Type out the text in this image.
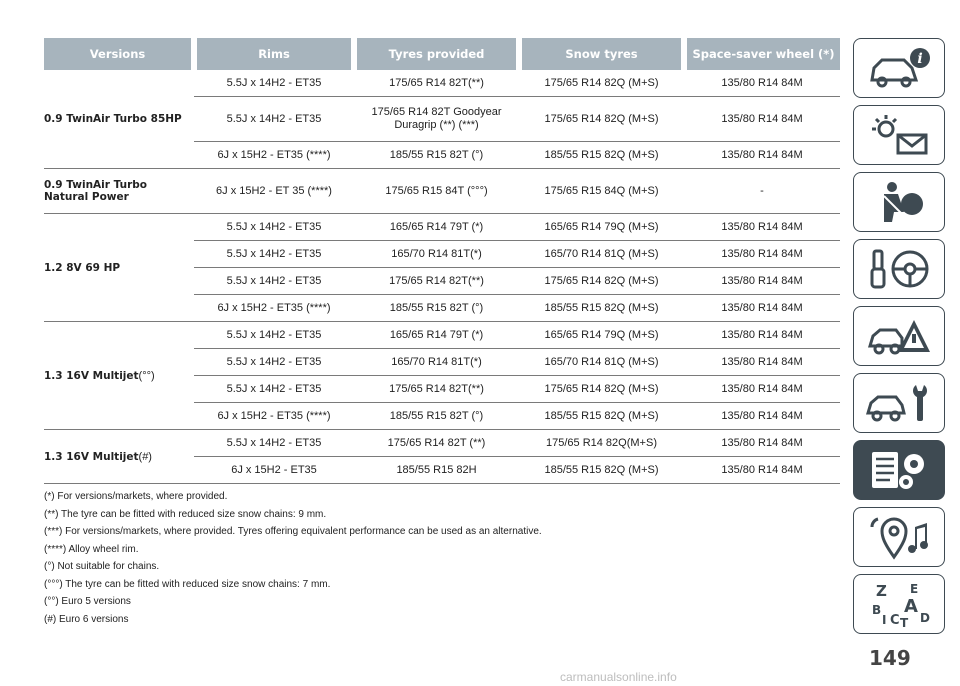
Versions	Rims	Tyres provided	Snow tyres	Space-saver wheel (*)
0.9 TwinAir Turbo 85HP	5.5J x 14H2 - ET35	175/65 R14 82T(**)	175/65 R14 82Q (M+S)	135/80 R14 84M
	5.5J x 14H2 - ET35	175/65 R14 82T Goodyear Duragrip (**) (***)	175/65 R14 82Q (M+S)	135/80 R14 84M
	6J x 15H2 - ET35 (****)	185/55 R15 82T (°)	185/55 R15 82Q (M+S)	135/80 R14 84M
0.9 TwinAir Turbo Natural Power	6J x 15H2 - ET 35 (****)	175/65 R15 84T (°°°)	175/65 R15 84Q (M+S)	-
1.2 8V 69 HP	5.5J x 14H2 - ET35	165/65 R14 79T (*)	165/65 R14 79Q (M+S)	135/80 R14 84M
	5.5J x 14H2 - ET35	165/70 R14 81T(*)	165/70 R14 81Q (M+S)	135/80 R14 84M
	5.5J x 14H2 - ET35	175/65 R14 82T(**)	175/65 R14 82Q (M+S)	135/80 R14 84M
	6J x 15H2 - ET35 (****)	185/55 R15 82T (°)	185/55 R15 82Q (M+S)	135/80 R14 84M
1.3 16V Multijet(°°)	5.5J x 14H2 - ET35	165/65 R14 79T (*)	165/65 R14 79Q (M+S)	135/80 R14 84M
	5.5J x 14H2 - ET35	165/70 R14 81T(*)	165/70 R14 81Q (M+S)	135/80 R14 84M
	5.5J x 14H2 - ET35	175/65 R14 82T(**)	175/65 R14 82Q (M+S)	135/80 R14 84M
	6J x 15H2 - ET35 (****)	185/55 R15 82T (°)	185/55 R15 82Q (M+S)	135/80 R14 84M
1.3 16V Multijet(#)	5.5J x 14H2 - ET35	175/65 R14 82T (**)	175/65 R14 82Q(M+S)	135/80 R14 84M
	6J x 15H2 - ET35	185/55 R15 82H	185/55 R15 82Q (M+S)	135/80 R14 84M
(*) For versions/markets, where provided.
(**) The tyre can be fitted with reduced size snow chains: 9 mm.
(***) For versions/markets, where provided. Tyres offering equivalent performance can be used as an alternative.
(****) Alloy wheel rim.
(°) Not suitable for chains.
(°°°) The tyre can be fitted with reduced size snow chains: 7 mm.
(°°) Euro 5 versions
(#) Euro 6 versions
i
Z E
B A
I C D
T
149
carmanualsonline.info
